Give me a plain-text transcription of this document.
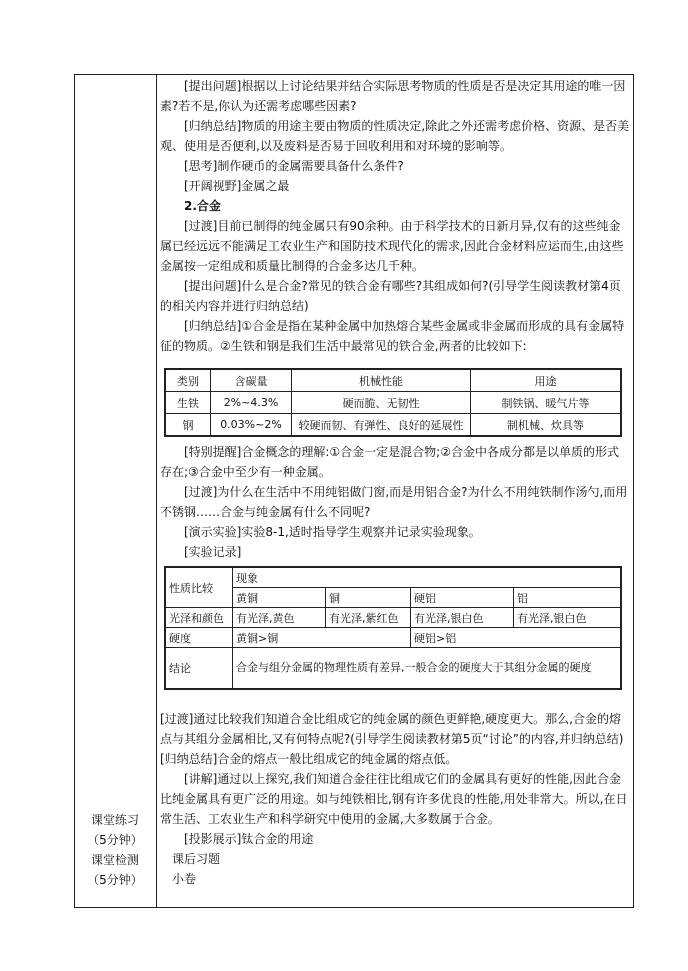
课堂练习
（5分钟）
课堂检测
（5分钟）

[提出问题]根据以上讨论结果并结合实际思考物质的性质是否是决定其用途的唯一因素?若不是,你认为还需考虑哪些因素?

[归纳总结]物质的用途主要由物质的性质决定,除此之外还需考虑价格、资源、是否美观、使用是否便利,以及废料是否易于回收利用和对环境的影响等。

[思考]制作硬币的金属需要具备什么条件?

[开阔视野]金属之最

2.合金

[过渡]目前已制得的纯金属只有90余种。由于科学技术的日新月异,仅有的这些纯金属已经远远不能满足工农业生产和国防技术现代化的需求,因此合金材料应运而生,由这些金属按一定组成和质量比制得的合金多达几千种。

[提出问题]什么是合金?常见的铁合金有哪些?其组成如何?(引导学生阅读教材第4页的相关内容并进行归纳总结)

[归纳总结]①合金是指在某种金属中加热熔合某些金属或非金属而形成的具有金属特征的物质。②生铁和钢是我们生活中最常见的铁合金,两者的比较如下:

类别	含碳量	机械性能	用途
生铁	2%~4.3%	硬而脆、无韧性	制铁锅、暖气片等
钢	0.03%~2%	较硬而韧、有弹性、良好的延展性	制机械、炊具等

[特别提醒]合金概念的理解:①合金一定是混合物;②合金中各成分都是以单质的形式存在;③合金中至少有一种金属。

[过渡]为什么在生活中不用纯铝做门窗,而是用铝合金?为什么不用纯铁制作汤勺,而用不锈钢……合金与纯金属有什么不同呢?

[演示实验]实验8-1,适时指导学生观察并记录实验现象。

[实验记录]

性质比较	现象			
	黄铜	铜	硬铝	铝
光泽和颜色	有光泽,黄色	有光泽,紫红色	有光泽,银白色	有光泽,银白色
硬度	黄铜>铜		硬铝>铝	
结论	合金与组分金属的物理性质有差异,一般合金的硬度大于其组分金属的硬度			

[过渡]通过比较我们知道合金比组成它的纯金属的颜色更鲜艳,硬度更大。那么,合金的熔点与其组分金属相比,又有何特点呢?(引导学生阅读教材第5页“讨论”的内容,并归纳总结)

[归纳总结]合金的熔点一般比组成它的纯金属的熔点低。

[讲解]通过以上探究,我们知道合金往往比组成它们的金属具有更好的性能,因此合金比纯金属具有更广泛的用途。如与纯铁相比,钢有许多优良的性能,用处非常大。所以,在日常生活、工农业生产和科学研究中使用的金属,大多数属于合金。

[投影展示]钛合金的用途

课后习题

小卷
